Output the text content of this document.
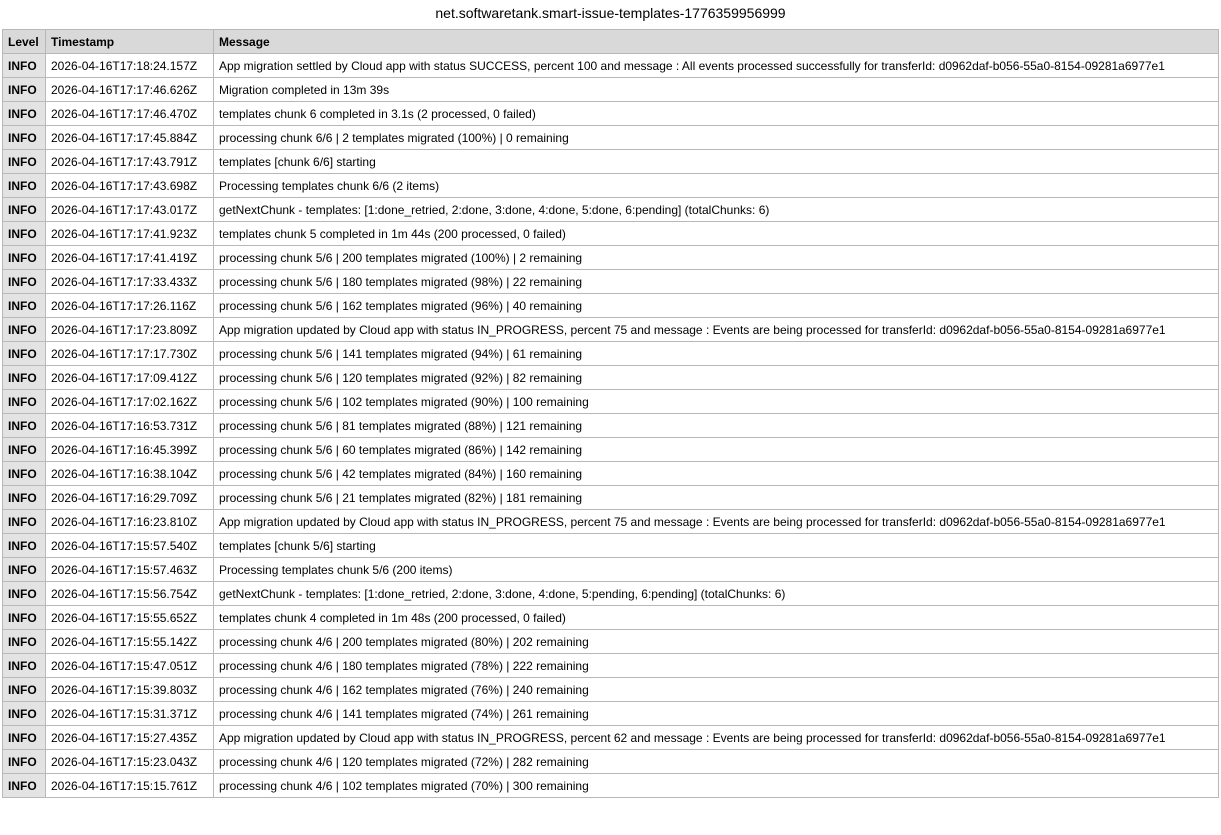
net.softwaretank.smart-issue-templates-1776359956999
Level	Timestamp	Message
INFO	2026-04-16T17:18:24.157Z	App migration settled by Cloud app with status SUCCESS, percent 100 and message : All events processed successfully for transferId: d0962daf-b056-55a0-8154-09281a6977e1
INFO	2026-04-16T17:17:46.626Z	Migration completed in 13m 39s
INFO	2026-04-16T17:17:46.470Z	templates chunk 6 completed in 3.1s (2 processed, 0 failed)
INFO	2026-04-16T17:17:45.884Z	processing chunk 6/6 | 2 templates migrated (100%) | 0 remaining
INFO	2026-04-16T17:17:43.791Z	templates [chunk 6/6] starting
INFO	2026-04-16T17:17:43.698Z	Processing templates chunk 6/6 (2 items)
INFO	2026-04-16T17:17:43.017Z	getNextChunk - templates: [1:done_retried, 2:done, 3:done, 4:done, 5:done, 6:pending] (totalChunks: 6)
INFO	2026-04-16T17:17:41.923Z	templates chunk 5 completed in 1m 44s (200 processed, 0 failed)
INFO	2026-04-16T17:17:41.419Z	processing chunk 5/6 | 200 templates migrated (100%) | 2 remaining
INFO	2026-04-16T17:17:33.433Z	processing chunk 5/6 | 180 templates migrated (98%) | 22 remaining
INFO	2026-04-16T17:17:26.116Z	processing chunk 5/6 | 162 templates migrated (96%) | 40 remaining
INFO	2026-04-16T17:17:23.809Z	App migration updated by Cloud app with status IN_PROGRESS, percent 75 and message : Events are being processed for transferId: d0962daf-b056-55a0-8154-09281a6977e1
INFO	2026-04-16T17:17:17.730Z	processing chunk 5/6 | 141 templates migrated (94%) | 61 remaining
INFO	2026-04-16T17:17:09.412Z	processing chunk 5/6 | 120 templates migrated (92%) | 82 remaining
INFO	2026-04-16T17:17:02.162Z	processing chunk 5/6 | 102 templates migrated (90%) | 100 remaining
INFO	2026-04-16T17:16:53.731Z	processing chunk 5/6 | 81 templates migrated (88%) | 121 remaining
INFO	2026-04-16T17:16:45.399Z	processing chunk 5/6 | 60 templates migrated (86%) | 142 remaining
INFO	2026-04-16T17:16:38.104Z	processing chunk 5/6 | 42 templates migrated (84%) | 160 remaining
INFO	2026-04-16T17:16:29.709Z	processing chunk 5/6 | 21 templates migrated (82%) | 181 remaining
INFO	2026-04-16T17:16:23.810Z	App migration updated by Cloud app with status IN_PROGRESS, percent 75 and message : Events are being processed for transferId: d0962daf-b056-55a0-8154-09281a6977e1
INFO	2026-04-16T17:15:57.540Z	templates [chunk 5/6] starting
INFO	2026-04-16T17:15:57.463Z	Processing templates chunk 5/6 (200 items)
INFO	2026-04-16T17:15:56.754Z	getNextChunk - templates: [1:done_retried, 2:done, 3:done, 4:done, 5:pending, 6:pending] (totalChunks: 6)
INFO	2026-04-16T17:15:55.652Z	templates chunk 4 completed in 1m 48s (200 processed, 0 failed)
INFO	2026-04-16T17:15:55.142Z	processing chunk 4/6 | 200 templates migrated (80%) | 202 remaining
INFO	2026-04-16T17:15:47.051Z	processing chunk 4/6 | 180 templates migrated (78%) | 222 remaining
INFO	2026-04-16T17:15:39.803Z	processing chunk 4/6 | 162 templates migrated (76%) | 240 remaining
INFO	2026-04-16T17:15:31.371Z	processing chunk 4/6 | 141 templates migrated (74%) | 261 remaining
INFO	2026-04-16T17:15:27.435Z	App migration updated by Cloud app with status IN_PROGRESS, percent 62 and message : Events are being processed for transferId: d0962daf-b056-55a0-8154-09281a6977e1
INFO	2026-04-16T17:15:23.043Z	processing chunk 4/6 | 120 templates migrated (72%) | 282 remaining
INFO	2026-04-16T17:15:15.761Z	processing chunk 4/6 | 102 templates migrated (70%) | 300 remaining
